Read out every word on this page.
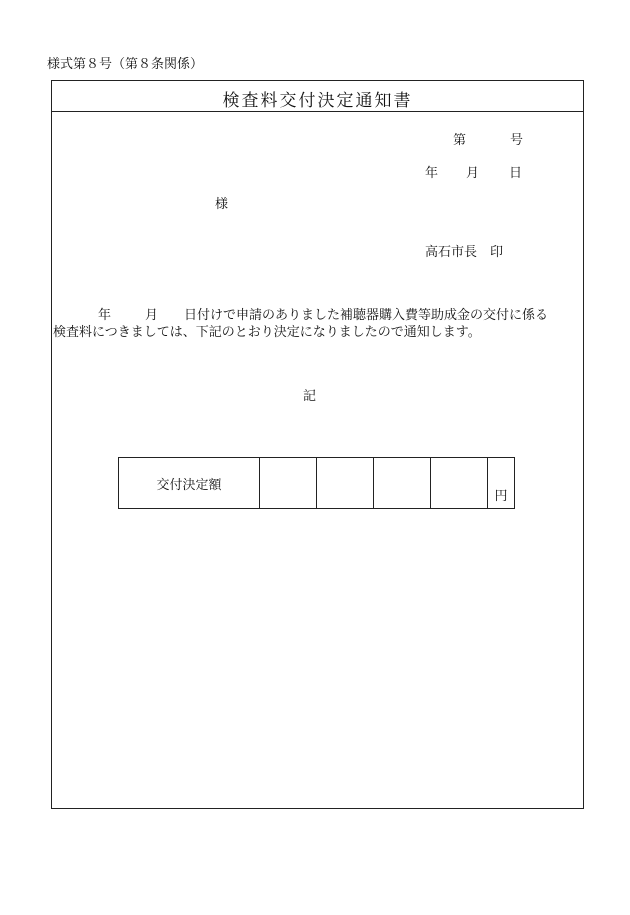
様式第８号（第８条関係）
検査料交付決定通知書
第	号
年 月 日
様
高石市長　印
年	月 日付けで申請のありました補聴器購入費等助成金の交付に係る
検査料につきましては、下記のとおり決定になりましたので通知します。
記
交付決定額					円
